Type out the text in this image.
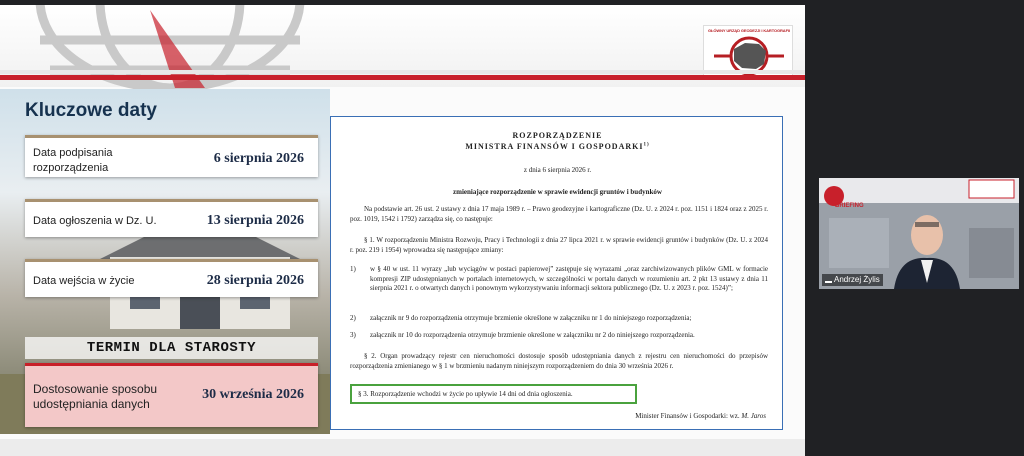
GŁÓWNY URZĄD GEODEZJI I KARTOGRAFII
Kluczowe daty
Data podpisania rozporządzenia
6 sierpnia 2026
Data ogłoszenia w Dz. U.	13 sierpnia 2026
Data wejścia w życie	28 sierpnia 2026
TERMIN DLA STAROSTY
Dostosowanie sposobu udostępniania danych
30 września 2026
ROZPORZĄDZENIE
MINISTRA FINANSÓW I GOSPODARKI$^{1)}$
z dnia 6 sierpnia 2026 r.
zmieniające rozporządzenie w sprawie ewidencji gruntów i budynków
Na podstawie art. 26 ust. 2 ustawy z dnia 17 maja 1989 r. – Prawo geodezyjne i kartograficzne (Dz. U. z 2024 r. poz. 1151 i 1824 oraz z 2025 r. poz. 1019, 1542 i 1792) zarządza się, co następuje:
§ 1. W rozporządzeniu Ministra Rozwoju, Pracy i Technologii z dnia 27 lipca 2021 r. w sprawie ewidencji gruntów i budynków (Dz. U. z 2024 r. poz. 219 i 1954) wprowadza się następujące zmiany:
1)	w § 40 w ust. 11 wyrazy „lub wyciągów w postaci papierowej” zastępuje się wyrazami „oraz zarchiwizowanych plików GML w formacie kompresji ZIP udostępnianych w portalach internetowych, w szczególności w portalu danych w rozumieniu art. 2 pkt 13 ustawy z dnia 11 sierpnia 2021 r. o otwartych danych i ponownym wykorzystywaniu informacji sektora publicznego (Dz. U. z 2023 r. poz. 1524)”;
2)	załącznik nr 9 do rozporządzenia otrzymuje brzmienie określone w załączniku nr 1 do niniejszego rozporządzenia;
3)	załącznik nr 10 do rozporządzenia otrzymuje brzmienie określone w załączniku nr 2 do niniejszego rozporządzenia.
§ 2. Organ prowadzący rejestr cen nieruchomości dostosuje sposób udostępniania danych z rejestru cen nieruchomości do przepisów rozporządzenia zmienianego w § 1 w brzmieniu nadanym niniejszym rozporządzeniem do dnia 30 września 2026 r.
§ 3. Rozporządzenie wchodzi w życie po upływie 14 dni od dnia ogłoszenia.
Minister Finansów i Gospodarki: wz. M. Jaros
BRIEFING
Andrzej Żylis
